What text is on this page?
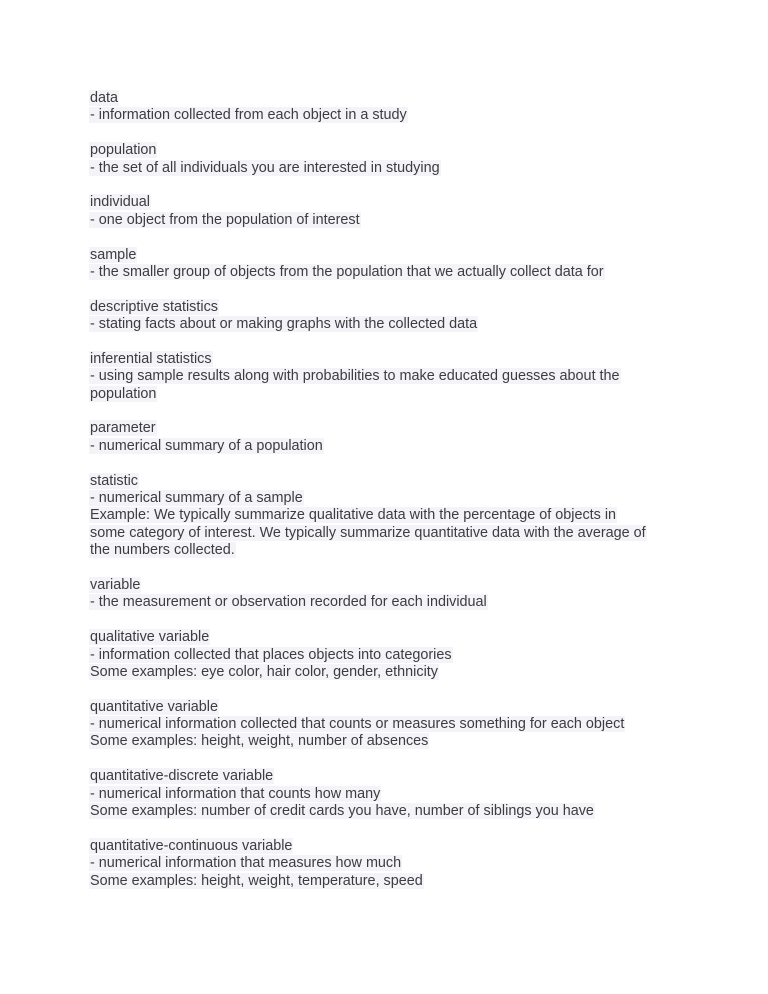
data
- information collected from each object in a study
population
- the set of all individuals you are interested in studying
individual
- one object from the population of interest
sample
- the smaller group of objects from the population that we actually collect data for
descriptive statistics
- stating facts about or making graphs with the collected data
inferential statistics
- using sample results along with probabilities to make educated guesses about the
population
parameter
- numerical summary of a population
statistic
- numerical summary of a sample
Example: We typically summarize qualitative data with the percentage of objects in
some category of interest. We typically summarize quantitative data with the average of
the numbers collected.
variable
- the measurement or observation recorded for each individual
qualitative variable
- information collected that places objects into categories
Some examples: eye color, hair color, gender, ethnicity
quantitative variable
- numerical information collected that counts or measures something for each object
Some examples: height, weight, number of absences
quantitative-discrete variable
- numerical information that counts how many
Some examples: number of credit cards you have, number of siblings you have
quantitative-continuous variable
- numerical information that measures how much
Some examples: height, weight, temperature, speed
